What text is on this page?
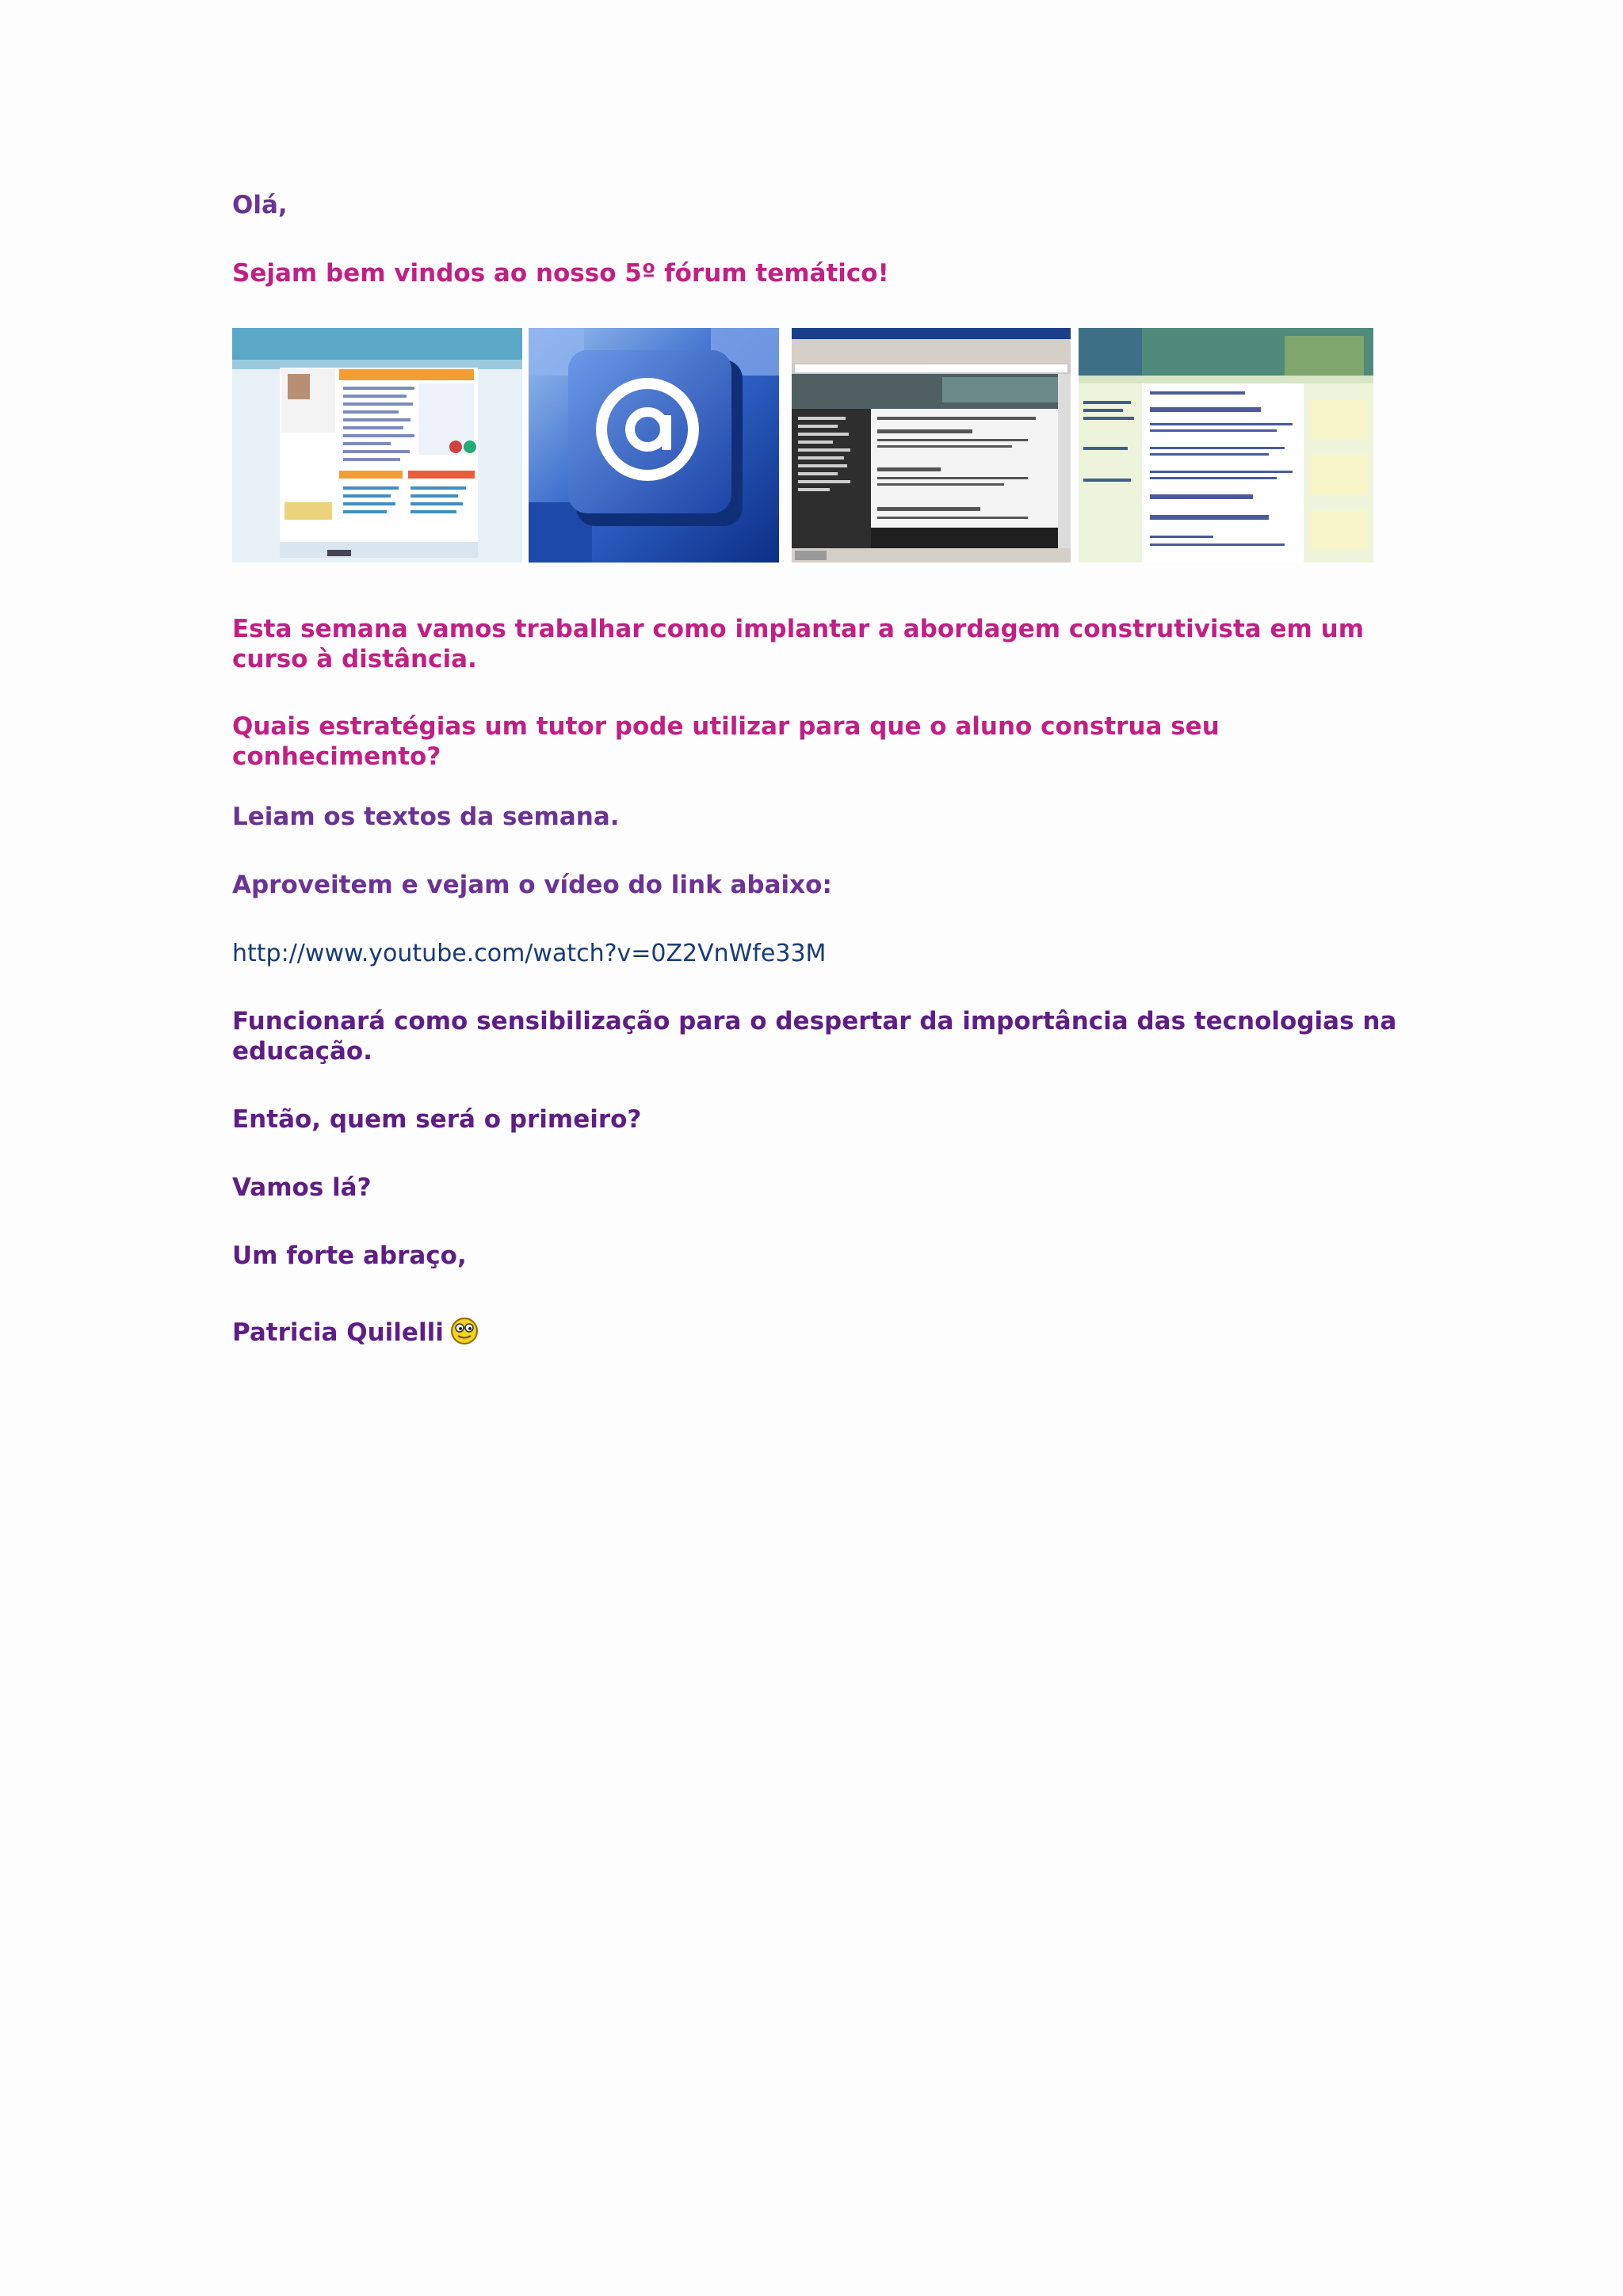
Olá,

Sejam bem vindos ao nosso 5º fórum temático!

Esta semana vamos trabalhar como implantar a abordagem construtivista em um curso à distância.

Quais estratégias um tutor pode utilizar para que o aluno construa seu conhecimento?

Leiam os textos da semana.

Aproveitem e vejam o vídeo do link abaixo:

http://www.youtube.com/watch?v=0Z2VnWfe33M

Funcionará como sensibilização para o despertar da importância das tecnologias na educação.

Então, quem será o primeiro?

Vamos lá?

Um forte abraço,

Patricia Quilelli
